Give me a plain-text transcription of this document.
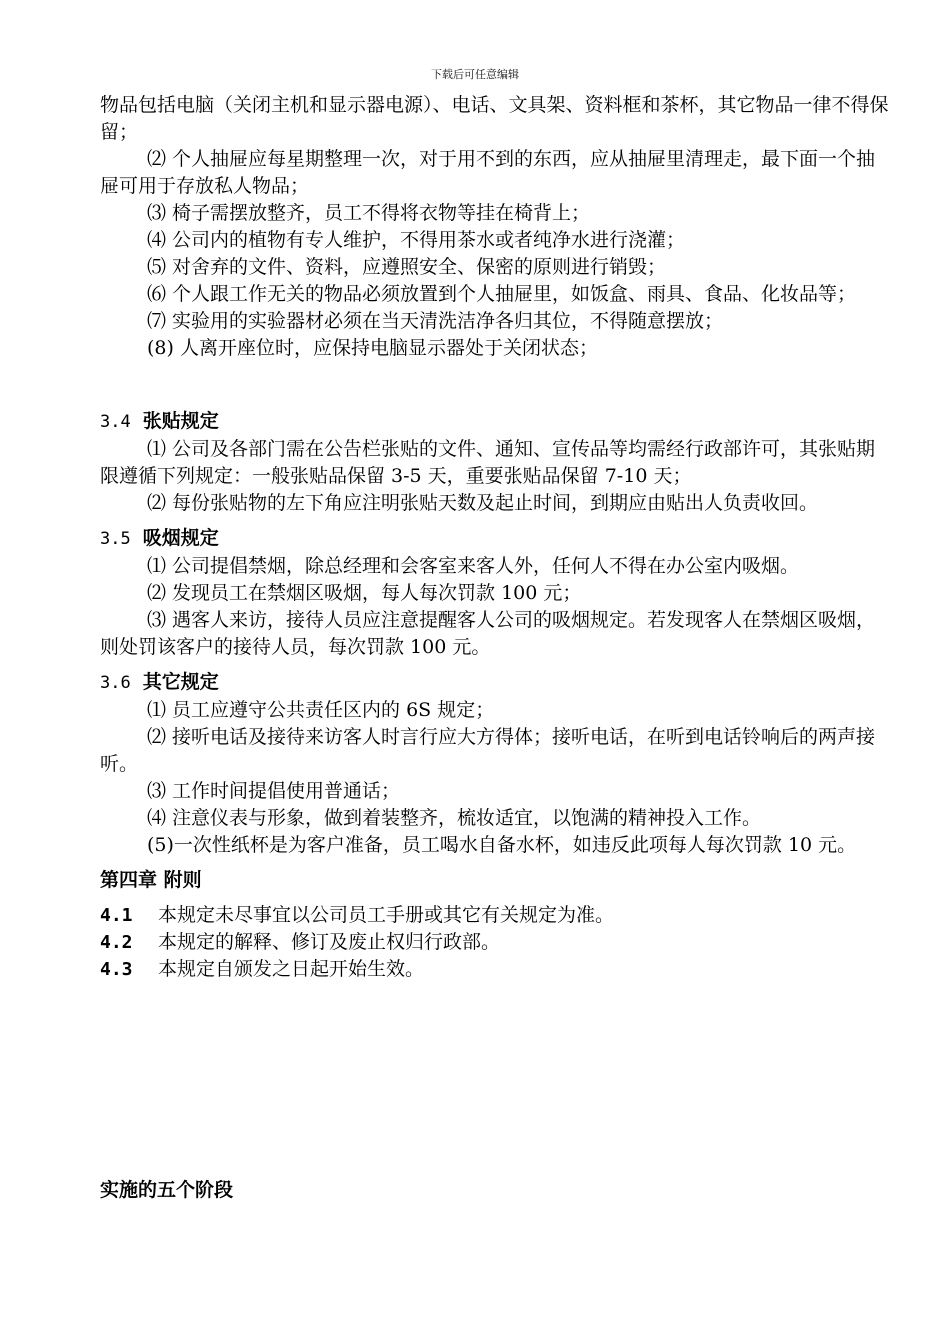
下载后可任意编辑

物品包括电脑（关闭主机和显示器电源）、电话、文具架、资料框和茶杯，其它物品一律不得保留；

⑵ 个人抽屉应每星期整理一次，对于用不到的东西，应从抽屉里清理走，最下面一个抽屉可用于存放私人物品；

⑶ 椅子需摆放整齐，员工不得将衣物等挂在椅背上；

⑷ 公司内的植物有专人维护，不得用茶水或者纯净水进行浇灌；

⑸ 对舍弃的文件、资料，应遵照安全、保密的原则进行销毁；

⑹ 个人跟工作无关的物品必须放置到个人抽屉里，如饭盒、雨具、食品、化妆品等；

⑺ 实验用的实验器材必须在当天清洗洁净各归其位，不得随意摆放；

(8) 人离开座位时，应保持电脑显示器处于关闭状态；

3.4 张贴规定

⑴ 公司及各部门需在公告栏张贴的文件、通知、宣传品等均需经行政部许可，其张贴期限遵循下列规定：一般张贴品保留 3-5 天，重要张贴品保留 7-10 天；

⑵ 每份张贴物的左下角应注明张贴天数及起止时间，到期应由贴出人负责收回。

3.5 吸烟规定

⑴ 公司提倡禁烟，除总经理和会客室来客人外，任何人不得在办公室内吸烟。

⑵ 发现员工在禁烟区吸烟，每人每次罚款 100 元；

⑶ 遇客人来访，接待人员应注意提醒客人公司的吸烟规定。若发现客人在禁烟区吸烟，则处罚该客户的接待人员，每次罚款 100 元。

3.6 其它规定

⑴ 员工应遵守公共责任区内的 6S 规定；

⑵ 接听电话及接待来访客人时言行应大方得体；接听电话，在听到电话铃响后的两声接听。

⑶ 工作时间提倡使用普通话；

⑷ 注意仪表与形象，做到着装整齐，梳妆适宜，以饱满的精神投入工作。

(5)一次性纸杯是为客户准备，员工喝水自备水杯，如违反此项每人每次罚款 10 元。

第四章 附则

4.1 本规定未尽事宜以公司员工手册或其它有关规定为准。

4.2 本规定的解释、修订及废止权归行政部。

4.3 本规定自颁发之日起开始生效。

实施的五个阶段
